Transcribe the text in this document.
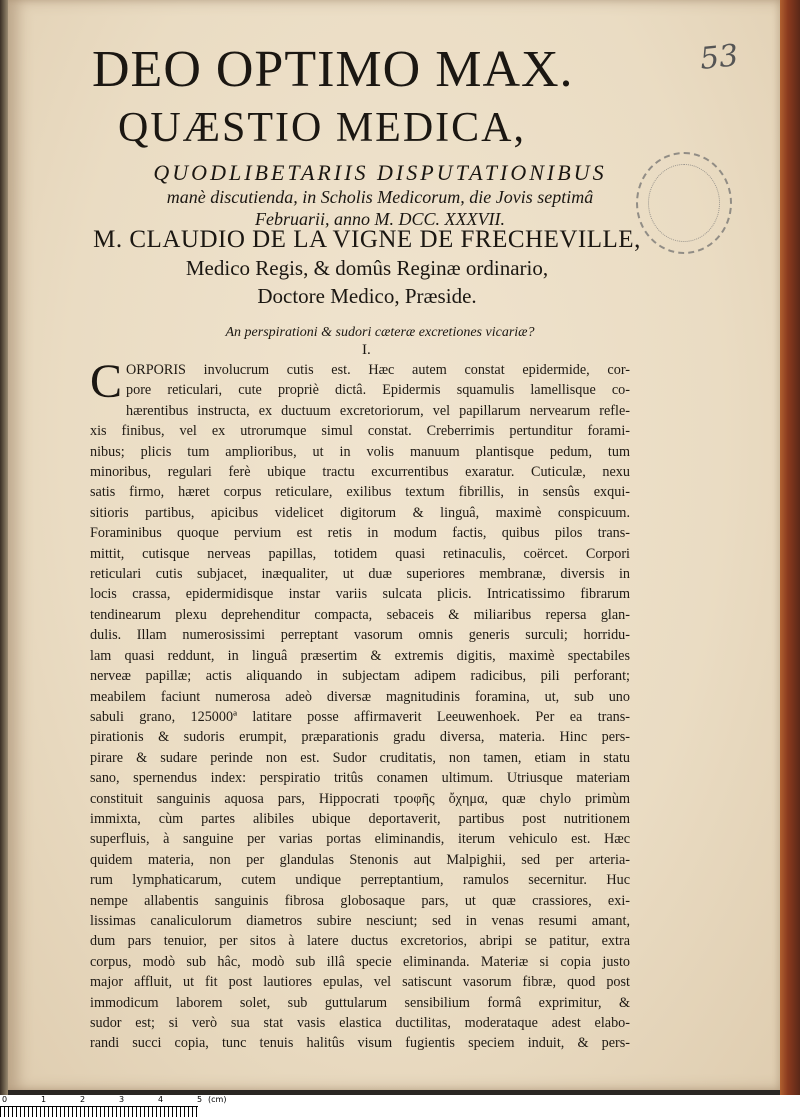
DEO OPTIMO MAX.
QUÆSTIO MEDICA,
53
QUODLIBETARIIS DISPUTATIONIBUS
manè discutienda, in Scholis Medicorum, die Jovis septimâ
Februarii, anno M. DCC. XXXVII.
M. CLAUDIO DE LA VIGNE DE FRECHEVILLE,
Medico Regis, & domûs Reginæ ordinario,
Doctore Medico, Præside.
An perspirationi & sudori cæteræ excretiones vicariæ?
I.
C ORPORIS involucrum cutis est. Hæc autem constat epidermide, cor-
pore reticulari, cute propriè dictâ. Epidermis squamulis lamellisque co-
hærentibus instructa, ex ductuum excretoriorum, vel papillarum nervearum refle-
xis finibus, vel ex utrorumque simul constat. Creberrimis pertunditur forami-
nibus; plicis tum amplioribus, ut in volis manuum plantisque pedum, tum
minoribus, regulari ferè ubique tractu excurrentibus exaratur. Cuticulæ, nexu
satis firmo, hæret corpus reticulare, exilibus textum fibrillis, in sensûs exqui-
sitioris partibus, apicibus videlicet digitorum & linguâ, maximè conspicuum.
Foraminibus quoque pervium est retis in modum factis, quibus pilos trans-
mittit, cutisque nerveas papillas, totidem quasi retinaculis, coërcet. Corpori
reticulari cutis subjacet, inæqualiter, ut duæ superiores membranæ, diversis in
locis crassa, epidermidisque instar variis sulcata plicis. Intricatissimo fibrarum
tendinearum plexu deprehenditur compacta, sebaceis & miliaribus repersa glan-
dulis. Illam numerosissimi perreptant vasorum omnis generis surculi; horridu-
lam quasi reddunt, in linguâ præsertim & extremis digitis, maximè spectabiles
nerveæ papillæ; actis aliquando in subjectam adipem radicibus, pili perforant;
meabilem faciunt numerosa adeò diversæ magnitudinis foramina, ut, sub uno
sabuli grano, 125000ª latitare posse affirmaverit Leeuwenhoek. Per ea trans-
pirationis & sudoris erumpit, præparationis gradu diversa, materia. Hinc pers-
pirare & sudare perinde non est. Sudor cruditatis, non tamen, etiam in statu
sano, spernendus index: perspiratio tritûs conamen ultimum. Utriusque materiam
constituit sanguinis aquosa pars, Hippocrati τροφῆς ὄχημα, quæ chylo primùm
immixta, cùm partes alibiles ubique deportaverit, partibus post nutritionem
superfluis, à sanguine per varias portas eliminandis, iterum vehiculo est. Hæc
quidem materia, non per glandulas Stenonis aut Malpighii, sed per arteria-
rum lymphaticarum, cutem undique perreptantium, ramulos secernitur. Huc
nempe allabentis sanguinis fibrosa globosaque pars, ut quæ crassiores, exi-
lissimas canaliculorum diametros subire nesciunt; sed in venas resumi amant,
dum pars tenuior, per sitos à latere ductus excretorios, abripi se patitur, extra
corpus, modò sub hâc, modò sub illâ specie eliminanda. Materiæ si copia justo
major affluit, ut fit post lautiores epulas, vel satiscunt vasorum fibræ, quod post
immodicum laborem solet, sub guttularum sensibilium formâ exprimitur, &
sudor est; si verò sua stat vasis elastica ductilitas, moderataque adest elabo-
randi succi copia, tunc tenuis halitûs visum fugientis speciem induit, & pers-
0	1	2	3	4	5 (cm)
